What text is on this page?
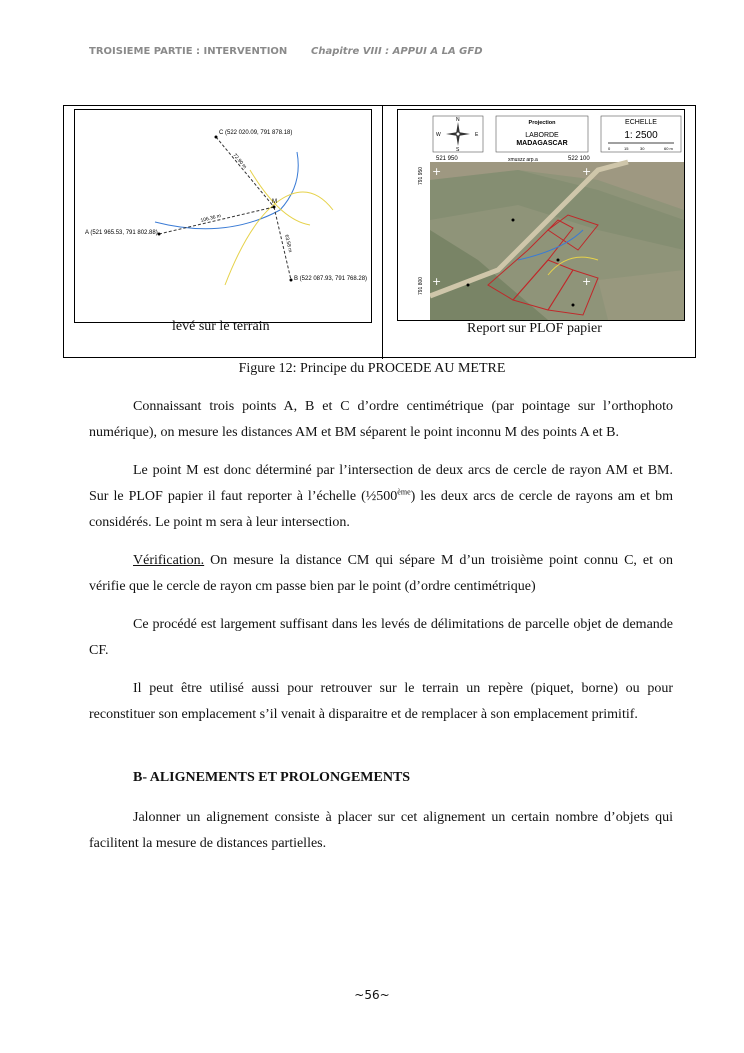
TROISIEME PARTIE : INTERVENTION Chapitre VIII : APPUI A LA GFD
C (522 020.09, 791 878.18)
A (521 965.53, 791 802.88)
B (522 087.93, 791 768.28)
M
72.90 m
106.36 m
63.58 m
levé sur le terrain
+	+
+	+
791 950
791 800
521 950	522 100
xmuszz arp.a
N
S
W	E
Projection
LABORDE
MADAGASCAR
ECHELLE
1: 2500
0	15	30	60 m
Report sur PLOF papier
Figure 12: Principe du PROCEDE AU METRE

Connaissant trois points A, B et C d’ordre centimétrique (par pointage sur l’orthophoto numérique), on mesure les distances AM et BM séparent le point inconnu M des points A et B.

Le point M est donc déterminé par l’intersection de deux arcs de cercle de rayon AM et BM. Sur le PLOF papier il faut reporter à l’échelle (½500ème) les deux arcs de cercle de rayons am et bm considérés. Le point m sera à leur intersection.

Vérification. On mesure la distance CM qui sépare M d’un troisième point connu C, et on vérifie que le cercle de rayon cm passe bien par le point (d’ordre centimétrique)

Ce procédé est largement suffisant dans les levés de délimitations de parcelle objet de demande CF.

Il peut être utilisé aussi pour retrouver sur le terrain un repère (piquet, borne) ou pour reconstituer son emplacement s’il venait à disparaitre et de remplacer à son emplacement primitif.

B- ALIGNEMENTS ET PROLONGEMENTS

Jalonner un alignement consiste à placer sur cet alignement un certain nombre d’objets qui facilitent la mesure de distances partielles.

~56~
